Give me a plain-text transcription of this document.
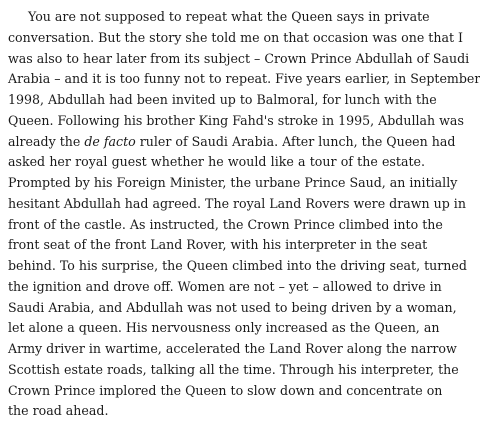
You are not supposed to repeat what the Queen says in private
conversation. But the story she told me on that occasion was one that I
was also to hear later from its subject – Crown Prince Abdullah of Saudi
Arabia – and it is too funny not to repeat. Five years earlier, in September
1998, Abdullah had been invited up to Balmoral, for lunch with the
Queen. Following his brother King Fahd's stroke in 1995, Abdullah was
already the de facto ruler of Saudi Arabia. After lunch, the Queen had
asked her royal guest whether he would like a tour of the estate.
Prompted by his Foreign Minister, the urbane Prince Saud, an initially
hesitant Abdullah had agreed. The royal Land Rovers were drawn up in
front of the castle. As instructed, the Crown Prince climbed into the
front seat of the front Land Rover, with his interpreter in the seat
behind. To his surprise, the Queen climbed into the driving seat, turned
the ignition and drove off. Women are not – yet – allowed to drive in
Saudi Arabia, and Abdullah was not used to being driven by a woman,
let alone a queen. His nervousness only increased as the Queen, an
Army driver in wartime, accelerated the Land Rover along the narrow
Scottish estate roads, talking all the time. Through his interpreter, the
Crown Prince implored the Queen to slow down and concentrate on
the road ahead.
